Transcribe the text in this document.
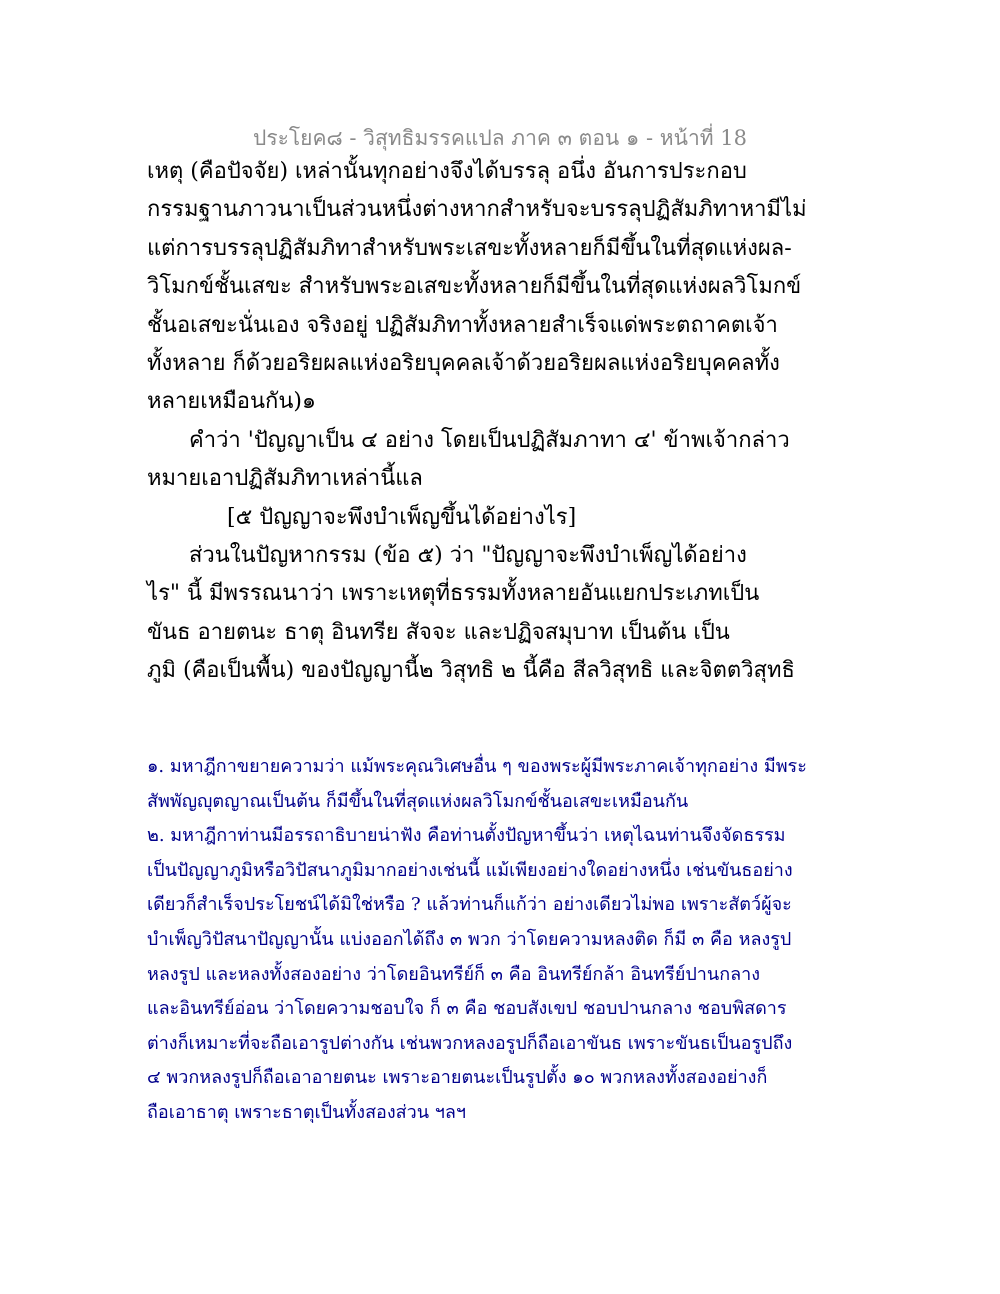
ประโยค๘ - วิสุทธิมรรคแปล ภาค ๓ ตอน ๑ - หน้าที่ 18
เหตุ (คือปัจจัย) เหล่านั้นทุกอย่างจึงได้บรรลุ อนึ่ง อันการประกอบ
กรรมฐานภาวนาเป็นส่วนหนึ่งต่างหากสำหรับจะบรรลุปฏิสัมภิทาหามีไม่
แต่การบรรลุปฏิสัมภิทาสำหรับพระเสขะทั้งหลายก็มีขึ้นในที่สุดแห่งผล-
วิโมกข์ชั้นเสขะ สำหรับพระอเสขะทั้งหลายก็มีขึ้นในที่สุดแห่งผลวิโมกข์
ชั้นอเสขะนั่นเอง จริงอยู่ ปฏิสัมภิทาทั้งหลายสำเร็จแด่พระตถาคตเจ้า
ทั้งหลาย ก็ด้วยอริยผลแห่งอริยบุคคลเจ้าด้วยอริยผลแห่งอริยบุคคลทั้ง
หลายเหมือนกัน)๑
คำว่า 'ปัญญาเป็น ๔ อย่าง โดยเป็นปฏิสัมภาทา ๔' ข้าพเจ้ากล่าว
หมายเอาปฏิสัมภิทาเหล่านี้แล
[๕ ปัญญาจะพึงบำเพ็ญขึ้นได้อย่างไร]
ส่วนในปัญหากรรม (ข้อ ๕) ว่า "ปัญญาจะพึงบำเพ็ญได้อย่าง
ไร" นี้ มีพรรณนาว่า เพราะเหตุที่ธรรมทั้งหลายอันแยกประเภทเป็น
ขันธ อายตนะ ธาตุ อินทรีย สัจจะ และปฏิจสมุบาท เป็นต้น เป็น
ภูมิ (คือเป็นพื้น) ของปัญญานี้๒ วิสุทธิ ๒ นี้คือ สีลวิสุทธิ และจิตตวิสุทธิ
๑. มหาฎีกาขยายความว่า แม้พระคุณวิเศษอื่น ๆ ของพระผู้มีพระภาคเจ้าทุกอย่าง มีพระ
สัพพัญญุตญาณเป็นต้น ก็มีขึ้นในที่สุดแห่งผลวิโมกข์ชั้นอเสขะเหมือนกัน
๒. มหาฎีกาท่านมีอรรถาธิบายน่าฟัง คือท่านตั้งปัญหาขึ้นว่า เหตุไฉนท่านจึงจัดธรรม
เป็นปัญญาภูมิหรือวิปัสนาภูมิมากอย่างเช่นนี้ แม้เพียงอย่างใดอย่างหนึ่ง เช่นขันธอย่าง
เดียวก็สำเร็จประโยชน์ได้มิใช่หรือ ? แล้วท่านก็แก้ว่า อย่างเดียวไม่พอ เพราะสัตว์ผู้จะ
บำเพ็ญวิปัสนาปัญญานั้น แบ่งออกได้ถึง ๓ พวก ว่าโดยความหลงติด ก็มี ๓ คือ หลงรูป
หลงรูป และหลงทั้งสองอย่าง ว่าโดยอินทรีย์ก็ ๓ คือ อินทรีย์กล้า อินทรีย์ปานกลาง
และอินทรีย์อ่อน ว่าโดยความชอบใจ ก็ ๓ คือ ชอบสังเขป ชอบปานกลาง ชอบพิสดาร
ต่างก็เหมาะที่จะถือเอารูปต่างกัน เช่นพวกหลงอรูปก็ถือเอาขันธ เพราะขันธเป็นอรูปถึง
๔ พวกหลงรูปก็ถือเอาอายตนะ เพราะอายตนะเป็นรูปตั้ง ๑๐ พวกหลงทั้งสองอย่างก็
ถือเอาธาตุ เพราะธาตุเป็นทั้งสองส่วน ฯลฯ
